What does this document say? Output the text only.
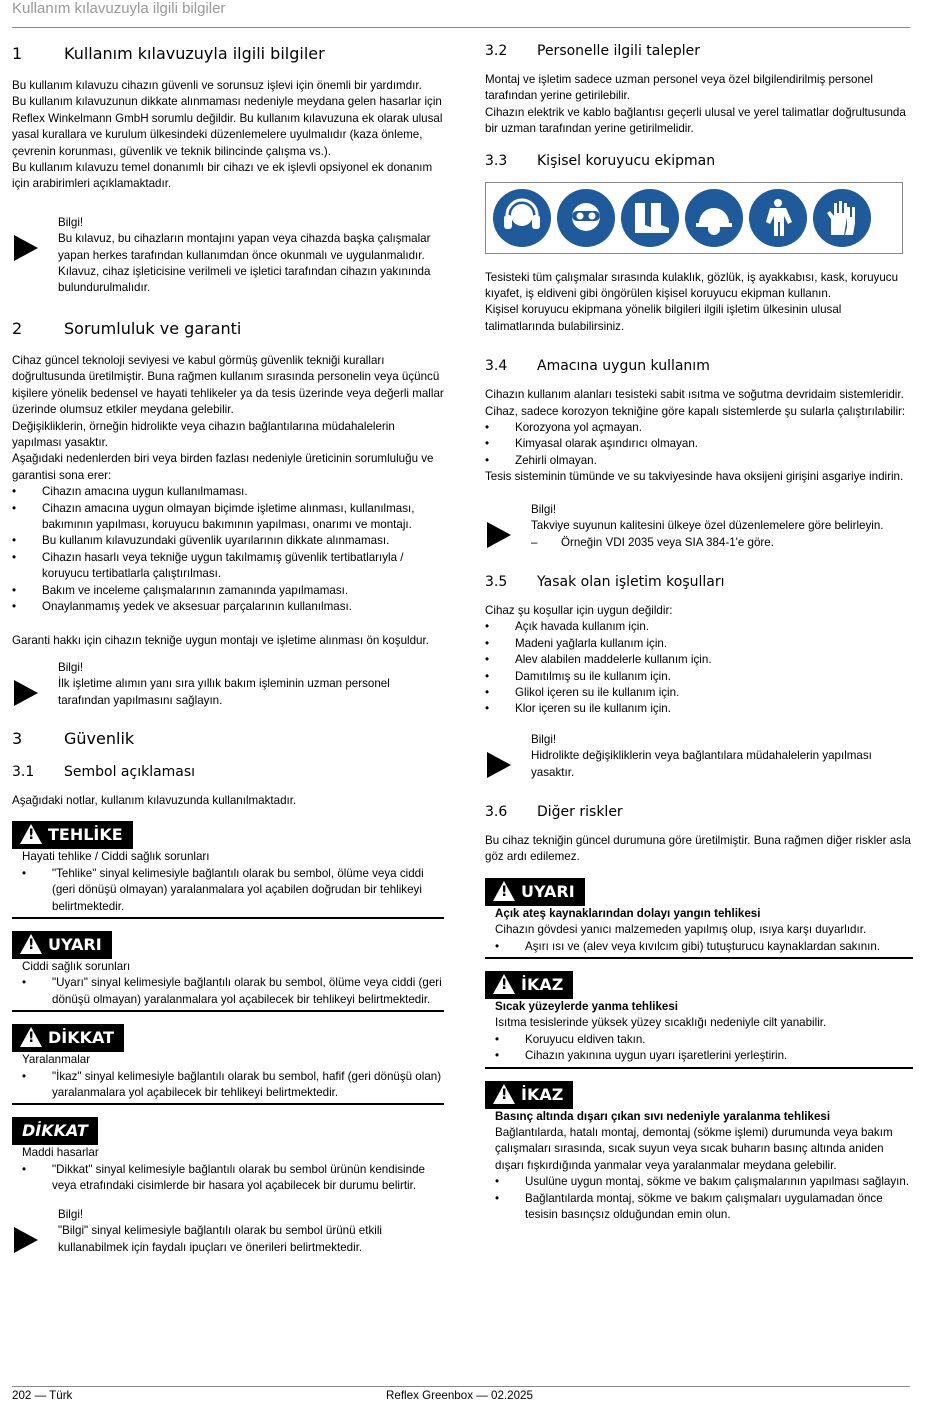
Kullanım kılavuzuyla ilgili bilgiler
1	Kullanım kılavuzuyla ilgili bilgiler

Bu kullanım kılavuzu cihazın güvenli ve sorunsuz işlevi için önemli bir yardımdır.

Bu kullanım kılavuzunun dikkate alınmaması nedeniyle meydana gelen hasarlar için Reflex Winkelmann GmbH sorumlu değildir. Bu kullanım kılavuzuna ek olarak ulusal yasal kurallara ve kurulum ülkesindeki düzenlemelere uyulmalıdır (kaza önleme, çevrenin korunması, güvenlik ve teknik bilincinde çalışma vs.).

Bu kullanım kılavuzu temel donanımlı bir cihazı ve ek işlevli opsiyonel ek donanım için arabirimleri açıklamaktadır.

Bilgi!

Bu kılavuz, bu cihazların montajını yapan veya cihazda başka çalışmalar yapan herkes tarafından kullanımdan önce okunmalı ve uygulanmalıdır. Kılavuz, cihaz işleticisine verilmeli ve işletici tarafından cihazın yakınında bulundurulmalıdır.

2	Sorumluluk ve garanti

Cihaz güncel teknoloji seviyesi ve kabul görmüş güvenlik tekniği kuralları doğrultusunda üretilmiştir. Buna rağmen kullanım sırasında personelin veya üçüncü kişilere yönelik bedensel ve hayati tehlikeler ya da tesis üzerinde veya değerli mallar üzerinde olumsuz etkiler meydana gelebilir.

Değişikliklerin, örneğin hidrolikte veya cihazın bağlantılarına müdahalelerin yapılması yasaktır.

Aşağıdaki nedenlerden biri veya birden fazlası nedeniyle üreticinin sorumluluğu ve garantisi sona erer:

• Cihazın amacına uygun kullanılmaması.
• Cihazın amacına uygun olmayan biçimde işletime alınması, kullanılması, bakımının yapılması, koruyucu bakımının yapılması, onarımı ve montajı.
• Bu kullanım kılavuzundaki güvenlik uyarılarının dikkate alınmaması.
• Cihazın hasarlı veya tekniğe uygun takılmamış güvenlik tertibatlarıyla / koruyucu tertibatlarla çalıştırılması.
• Bakım ve inceleme çalışmalarının zamanında yapılmaması.
• Onaylanmamış yedek ve aksesuar parçalarının kullanılması.

Garanti hakkı için cihazın tekniğe uygun montajı ve işletime alınması ön koşuldur.

Bilgi!

İlk işletime alımın yanı sıra yıllık bakım işleminin uzman personel tarafından yapılmasını sağlayın.

3	Güvenlik
3.1 Sembol açıklaması

Aşağıdaki notlar, kullanım kılavuzunda kullanılmaktadır.

!TEHLİKE

Hayati tehlike / Ciddi sağlık sorunları

• "Tehlike" sinyal kelimesiyle bağlantılı olarak bu sembol, ölüme veya ciddi (geri dönüşü olmayan) yaralanmalara yol açabilen doğrudan bir tehlikeyi belirtmektedir.
!UYARI

Ciddi sağlık sorunları

• "Uyarı" sinyal kelimesiyle bağlantılı olarak bu sembol, ölüme veya ciddi (geri dönüşü olmayan) yaralanmalara yol açabilecek bir tehlikeyi belirtmektedir.
!DİKKAT

Yaralanmalar

• "İkaz" sinyal kelimesiyle bağlantılı olarak bu sembol, hafif (geri dönüşü olan) yaralanmalara yol açabilecek bir tehlikeyi belirtmektedir.
DİKKAT

Maddi hasarlar

• "Dikkat" sinyal kelimesiyle bağlantılı olarak bu sembol ürünün kendisinde veya etrafındaki cisimlerde bir hasara yol açabilecek bir durumu belirtir.
Bilgi!

"Bilgi" sinyal kelimesiyle bağlantılı olarak bu sembol ürünü etkili kullanabilmek için faydalı ipuçları ve önerileri belirtmektedir.

3.2 Personelle ilgili talepler

Montaj ve işletim sadece uzman personel veya özel bilgilendirilmiş personel tarafından yerine getirilebilir.

Cihazın elektrik ve kablo bağlantısı geçerli ulusal ve yerel talimatlar doğrultusunda bir uzman tarafından yerine getirilmelidir.

3.3 Kişisel koruyucu ekipman

Tesisteki tüm çalışmalar sırasında kulaklık, gözlük, iş ayakkabısı, kask, koruyucu kıyafet, iş eldiveni gibi öngörülen kişisel koruyucu ekipman kullanın.

Kişisel koruyucu ekipmana yönelik bilgileri ilgili işletim ülkesinin ulusal talimatlarında bulabilirsiniz.

3.4 Amacına uygun kullanım

Cihazın kullanım alanları tesisteki sabit ısıtma ve soğutma devridaim sistemleridir. Cihaz, sadece korozyon tekniğine göre kapalı sistemlerde şu sularla çalıştırılabilir:

• Korozyona yol açmayan.
• Kimyasal olarak aşındırıcı olmayan.
• Zehirli olmayan.

Tesis sisteminin tümünde ve su takviyesinde hava oksijeni girişini asgariye indirin.

Bilgi!

Takviye suyunun kalitesini ülkeye özel düzenlemelere göre belirleyin.

– Örneğin VDI 2035 veya SIA 384-1'e göre.
3.5 Yasak olan işletim koşulları

Cihaz şu koşullar için uygun değildir:

• Açık havada kullanım için.
• Madeni yağlarla kullanım için.
• Alev alabilen maddelerle kullanım için.
• Damıtılmış su ile kullanım için.
• Glikol içeren su ile kullanım için.
• Klor içeren su ile kullanım için.
Bilgi!

Hidrolikte değişikliklerin veya bağlantılara müdahalelerin yapılması yasaktır.

3.6 Diğer riskler

Bu cihaz tekniğin güncel durumuna göre üretilmiştir. Buna rağmen diğer riskler asla göz ardı edilemez.

!UYARI

Açık ateş kaynaklarından dolayı yangın tehlikesi

Cihazın gövdesi yanıcı malzemeden yapılmış olup, ısıya karşı duyarlıdır.

• Aşırı ısı ve (alev veya kıvılcım gibi) tutuşturucu kaynaklardan sakının.
!İKAZ

Sıcak yüzeylerde yanma tehlikesi

Isıtma tesislerinde yüksek yüzey sıcaklığı nedeniyle cilt yanabilir.

• Koruyucu eldiven takın.
• Cihazın yakınına uygun uyarı işaretlerini yerleştirin.
!İKAZ

Basınç altında dışarı çıkan sıvı nedeniyle yaralanma tehlikesi

Bağlantılarda, hatalı montaj, demontaj (sökme işlemi) durumunda veya bakım çalışmaları sırasında, sıcak suyun veya sıcak buharın basınç altında aniden dışarı fışkırdığında yanmalar veya yaralanmalar meydana gelebilir.

• Usulüne uygun montaj, sökme ve bakım çalışmalarının yapılması sağlayın.
• Bağlantılarda montaj, sökme ve bakım çalışmaları uygulamadan önce tesisin basınçsız olduğundan emin olun.
202 — Türk	Reflex Greenbox — 02.2025
